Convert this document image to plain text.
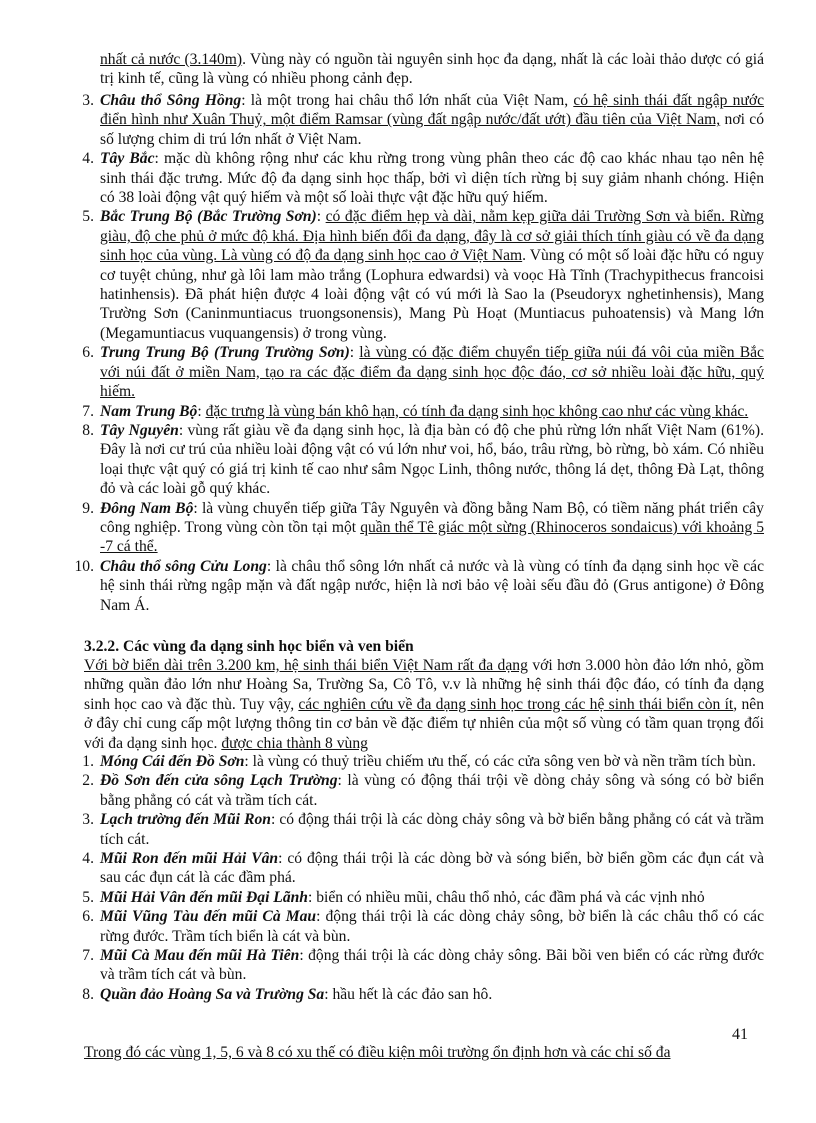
nhất cả nước (3.140m). Vùng này có nguồn tài nguyên sinh học đa dạng, nhất là các loài thảo dược có giá trị kinh tế, cũng là vùng có nhiều phong cảnh đẹp.
3. Châu thổ Sông Hồng: là một trong hai châu thổ lớn nhất của Việt Nam, có hệ sinh thái đất ngập nước điển hình như Xuân Thuỷ, một điểm Ramsar (vùng đất ngập nước/đất ướt) đầu tiên của Việt Nam, nơi có số lượng chim di trú lớn nhất ở Việt Nam.
4. Tây Bắc: mặc dù không rộng như các khu rừng trong vùng phân theo các độ cao khác nhau tạo nên hệ sinh thái đặc trưng. Mức độ đa dạng sinh học thấp, bởi vì diện tích rừng bị suy giảm nhanh chóng. Hiện có 38 loài động vật quý hiếm và một số loài thực vật đặc hữu quý hiếm.
5. Bắc Trung Bộ (Bắc Trường Sơn): có đặc điểm hẹp và dài, nằm kẹp giữa dải Trường Sơn và biển. Rừng giàu, độ che phủ ở mức độ khá. Địa hình biến đổi đa dạng, đây là cơ sở giải thích tính giàu có về đa dạng sinh học của vùng. Là vùng có độ đa dạng sinh học cao ở Việt Nam. Vùng có một số loài đặc hữu có nguy cơ tuyệt chủng, như gà lôi lam mào trắng (Lophura edwardsi) và voọc Hà Tĩnh (Trachypithecus francoisi hatinhensis). Đã phát hiện được 4 loài động vật có vú mới là Sao la (Pseudoryx nghetinhensis), Mang Trường Sơn (Caninmuntiacus truongsonensis), Mang Pù Hoạt (Muntiacus puhoatensis) và Mang lớn (Megamuntiacus vuquangensis) ở trong vùng.
6. Trung Trung Bộ (Trung Trường Sơn): là vùng có đặc điểm chuyển tiếp giữa núi đá vôi của miền Bắc với núi đất ở miền Nam, tạo ra các đặc điểm đa dạng sinh học độc đáo, cơ sở nhiều loài đặc hữu, quý hiếm.
7. Nam Trung Bộ: đặc trưng là vùng bán khô hạn, có tính đa dạng sinh học không cao như các vùng khác.
8. Tây Nguyên: vùng rất giàu về đa dạng sinh học, là địa bàn có độ che phủ rừng lớn nhất Việt Nam (61%). Đây là nơi cư trú của nhiều loài động vật có vú lớn như voi, hổ, báo, trâu rừng, bò rừng, bò xám. Có nhiều loại thực vật quý có giá trị kinh tế cao như sâm Ngọc Linh, thông nước, thông lá dẹt, thông Đà Lạt, thông đỏ và các loài gỗ quý khác.
9. Đông Nam Bộ: là vùng chuyển tiếp giữa Tây Nguyên và đồng bằng Nam Bộ, có tiềm năng phát triển cây công nghiệp. Trong vùng còn tồn tại một quần thể Tê giác một sừng (Rhinoceros sondaicus) với khoảng 5 -7 cá thể.
10. Châu thổ sông Cửu Long: là châu thổ sông lớn nhất cả nước và là vùng có tính đa dạng sinh học về các hệ sinh thái rừng ngập mặn và đất ngập nước, hiện là nơi bảo vệ loài sếu đầu đỏ (Grus antigone) ở Đông Nam Á.
3.2.2. Các vùng đa dạng sinh học biển và ven biển
Với bờ biển dài trên 3.200 km, hệ sinh thái biển Việt Nam rất đa dạng với hơn 3.000 hòn đảo lớn nhỏ, gồm những quần đảo lớn như Hoàng Sa, Trường Sa, Cô Tô, v.v là những hệ sinh thái độc đáo, có tính đa dạng sinh học cao và đặc thù. Tuy vậy, các nghiên cứu về đa dạng sinh học trong các hệ sinh thái biển còn ít, nên ở đây chỉ cung cấp một lượng thông tin cơ bản về đặc điểm tự nhiên của một số vùng có tầm quan trọng đối với đa dạng sinh học. được chia thành 8 vùng
1. Móng Cái đến Đồ Sơn: là vùng có thuỷ triều chiếm ưu thế, có các cửa sông ven bờ và nền trầm tích bùn.
2. Đồ Sơn đến cửa sông Lạch Trường: là vùng có động thái trội về dòng chảy sông và sóng có bờ biển bằng phẳng có cát và trầm tích cát.
3. Lạch trường đến Mũi Ron: có động thái trội là các dòng chảy sông và bờ biển bằng phẳng có cát và trầm tích cát.
4. Mũi Ron đến mũi Hải Vân: có động thái trội là các dòng bờ và sóng biển, bờ biển gồm các đụn cát và sau các đụn cát là các đầm phá.
5. Mũi Hải Vân đến mũi Đại Lãnh: biển có nhiều mũi, châu thổ nhỏ, các đầm phá và các vịnh nhỏ
6. Mũi Vũng Tàu đến mũi Cà Mau: động thái trội là các dòng chảy sông, bờ biển là các châu thổ có các rừng đước. Trầm tích biển là cát và bùn.
7. Mũi Cà Mau đến mũi Hà Tiên: động thái trội là các dòng chảy sông. Bãi bồi ven biển có các rừng đước và trầm tích cát và bùn.
8. Quần đảo Hoàng Sa và Trường Sa: hầu hết là các đảo san hô.
41
Trong đó các vùng 1, 5, 6 và 8 có xu thế có điều kiện môi trường ổn định hơn và các chỉ số đa
